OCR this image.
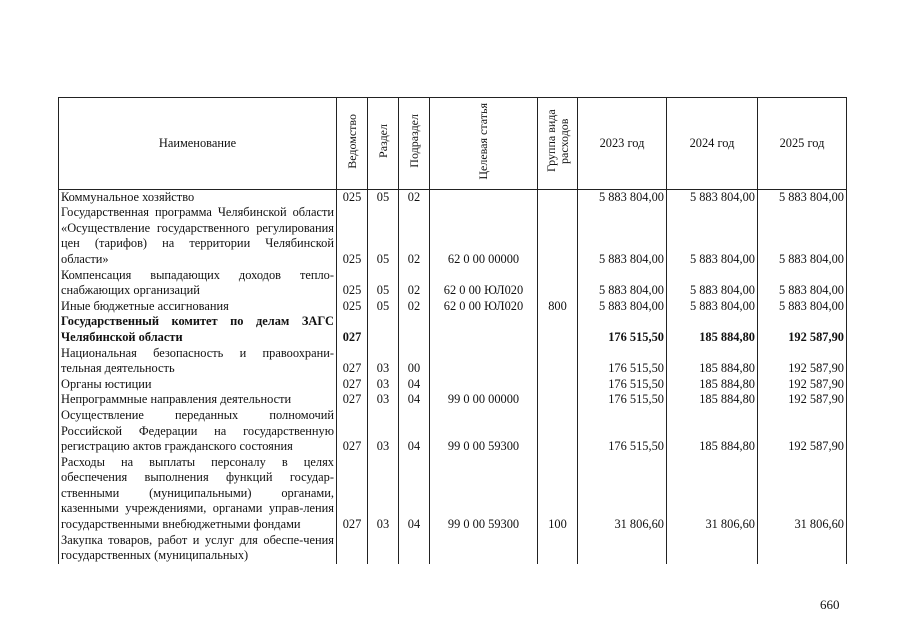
Наименование	Ведомство	Раздел	Подраздел	Целевая статья	Группа вида расходов	2023 год	2024 год	2025 год
Коммунальное хозяйство	025	05	02			5 883 804,00	5 883 804,00	5 883 804,00
Государственная программа Челябинской области «Осуществление государственного регулирования цен (тарифов) на территории Челябинской области»	025	05	02	62 0 00 00000		5 883 804,00	5 883 804,00	5 883 804,00
Компенсация выпадающих доходов тепло-снабжающих организаций	025	05	02	62 0 00 ЮЛ020		5 883 804,00	5 883 804,00	5 883 804,00
Иные бюджетные ассигнования	025	05	02	62 0 00 ЮЛ020	800	5 883 804,00	5 883 804,00	5 883 804,00
Государственный комитет по делам ЗАГС Челябинской области	027					176 515,50	185 884,80	192 587,90
Национальная безопасность и правоохрани-тельная деятельность	027	03	00			176 515,50	185 884,80	192 587,90
Органы юстиции	027	03	04			176 515,50	185 884,80	192 587,90
Непрограммные направления деятельности	027	03	04	99 0 00 00000		176 515,50	185 884,80	192 587,90
Осуществление переданных полномочий Российской Федерации на государственную регистрацию актов гражданского состояния	027	03	04	99 0 00 59300		176 515,50	185 884,80	192 587,90
Расходы на выплаты персоналу в целях обеспечения выполнения функций государ-ственными (муниципальными) органами, казенными учреждениями, органами управ-ления государственными внебюджетными фондами	027	03	04	99 0 00 59300	100	31 806,60	31 806,60	31 806,60
Закупка товаров, работ и услуг для обеспе-чения государственных (муниципальных)								
660
